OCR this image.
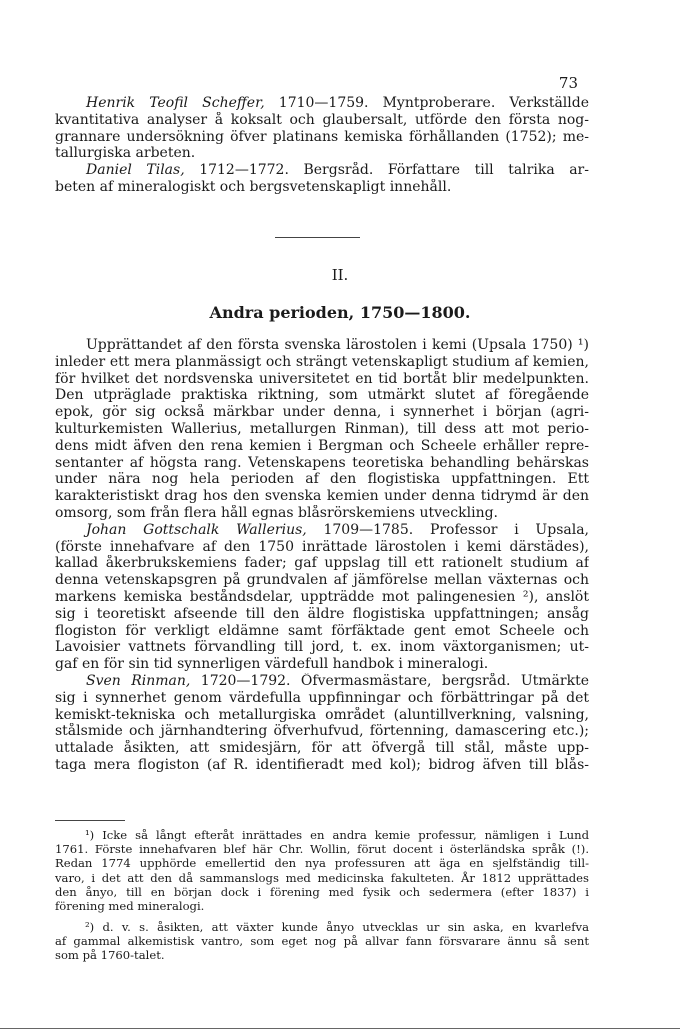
73
Henrik Teofil Scheffer, 1710—1759. Myntproberare. Verkställde
kvantitativa analyser å koksalt och glaubersalt, utförde den första nog-
grannare undersökning öfver platinans kemiska förhållanden (1752); me-
tallurgiska arbeten.
Daniel Tilas, 1712—1772. Bergsråd. Författare till talrika ar-
beten af mineralogiskt och bergsvetenskapligt innehåll.
II.
Andra perioden, 1750—1800.
Upprättandet af den första svenska lärostolen i kemi (Upsala 1750) ¹)
inleder ett mera planmässigt och strängt vetenskapligt studium af kemien,
för hvilket det nordsvenska universitetet en tid bortåt blir medelpunkten.
Den utpräglade praktiska riktning, som utmärkt slutet af föregående
epok, gör sig också märkbar under denna, i synnerhet i början (agri-
kulturkemisten Wallerius, metallurgen Rinman), till dess att mot perio-
dens midt äfven den rena kemien i Bergman och Scheele erhåller repre-
sentanter af högsta rang. Vetenskapens teoretiska behandling behärskas
under nära nog hela perioden af den flogistiska uppfattningen. Ett
karakteristiskt drag hos den svenska kemien under denna tidrymd är den
omsorg, som från flera håll egnas blåsrörskemiens utveckling.
Johan Gottschalk Wallerius, 1709—1785. Professor i Upsala,
(förste innehafvare af den 1750 inrättade lärostolen i kemi därstädes),
kallad åkerbrukskemiens fader; gaf uppslag till ett rationelt studium af
denna vetenskapsgren på grundvalen af jämförelse mellan växternas och
markens kemiska beståndsdelar, uppträdde mot palingenesien ²), anslöt
sig i teoretiskt afseende till den äldre flogistiska uppfattningen; ansåg
flogiston för verkligt eldämne samt förfäktade gent emot Scheele och
Lavoisier vattnets förvandling till jord, t. ex. inom växtorganismen; ut-
gaf en för sin tid synnerligen värdefull handbok i mineralogi.
Sven Rinman, 1720—1792. Öfvermasmästare, bergsråd. Utmärkte
sig i synnerhet genom värdefulla uppfinningar och förbättringar på det
kemiskt-tekniska och metallurgiska området (aluntillverkning, valsning,
stålsmide och järnhandtering öfverhufvud, förtenning, damascering etc.);
uttalade åsikten, att smidesjärn, för att öfvergå till stål, måste upp-
taga mera flogiston (af R. identifieradt med kol); bidrog äfven till blås-
¹) Icke så långt efteråt inrättades en andra kemie professur, nämligen i Lund
1761. Förste innehafvaren blef här Chr. Wollin, förut docent i österländska språk (!).
Redan 1774 upphörde emellertid den nya professuren att äga en sjelfständig till-
varo, i det att den då sammanslogs med medicinska fakulteten. År 1812 upprättades
den ånyo, till en början dock i förening med fysik och sedermera (efter 1837) i
förening med mineralogi.
²) d. v. s. åsikten, att växter kunde ånyo utvecklas ur sin aska, en kvarlefva
af gammal alkemistisk vantro, som eget nog på allvar fann försvarare ännu så sent
som på 1760-talet.
